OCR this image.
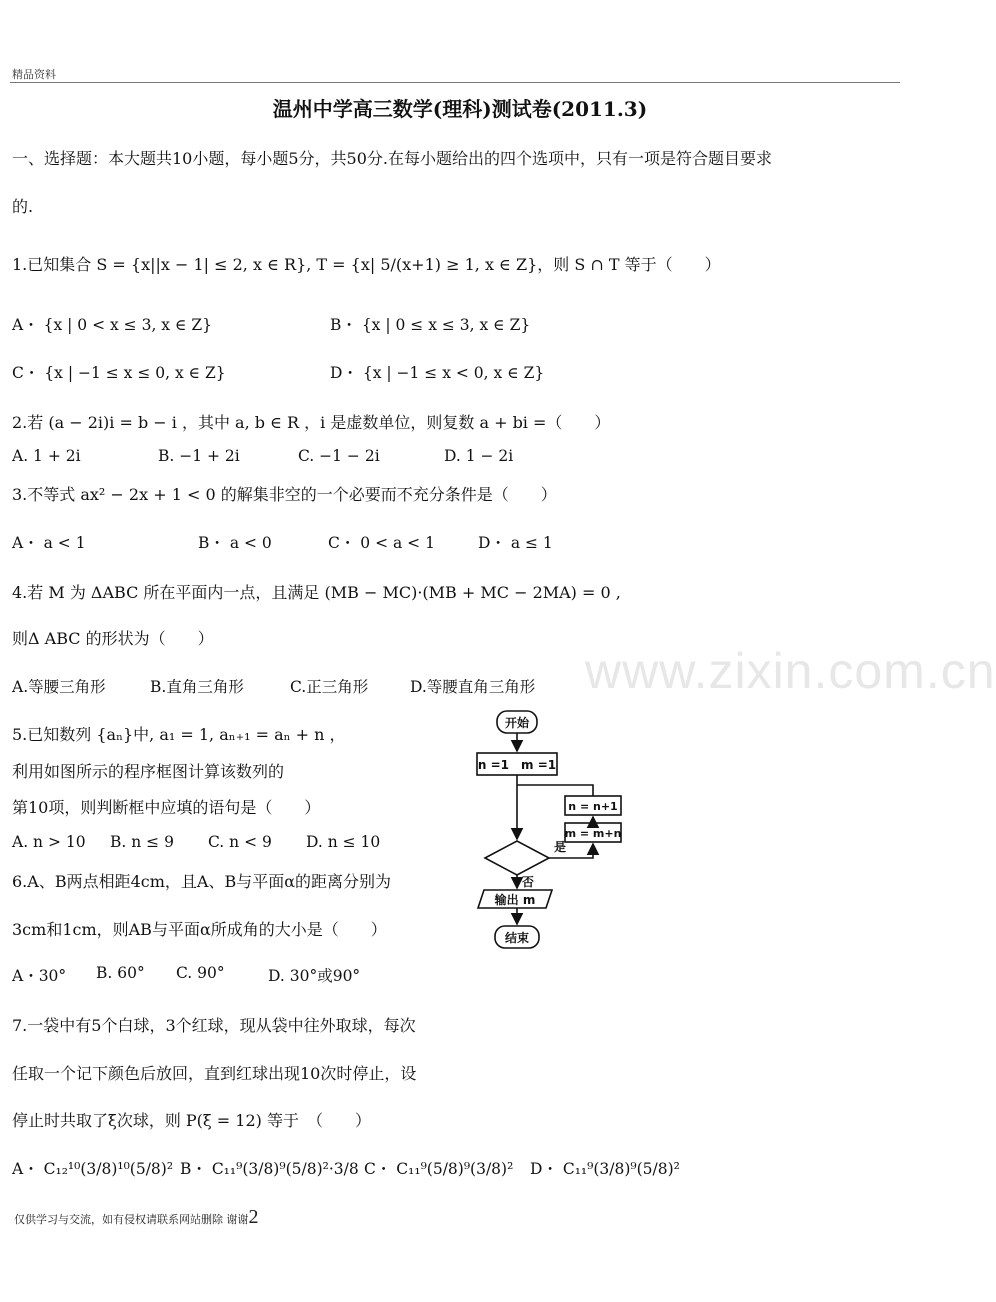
精品资料
www.zixin.com.cn
温州中学高三数学(理科)测试卷(2011.3)
一、选择题：本大题共10小题，每小题5分，共50分.在每小题给出的四个选项中，只有一项是符合题目要求
的.
1.已知集合 S = {x||x − 1| ≤ 2, x ∈ R}, T = {x| 5/(x+1) ≥ 1, x ∈ Z}，则 S ∩ T 等于（　　）
A・ {x | 0 < x ≤ 3, x ∈ Z}	B・ {x | 0 ≤ x ≤ 3, x ∈ Z}
C・ {x | −1 ≤ x ≤ 0, x ∈ Z}	D・ {x | −1 ≤ x < 0, x ∈ Z}
2.若 (a − 2i)i = b − i ，其中 a, b ∈ R ，i 是虚数单位，则复数 a + bi =（　　）
A. 1 + 2i	B. −1 + 2i	C. −1 − 2i	D. 1 − 2i
3.不等式 ax² − 2x + 1 < 0 的解集非空的一个必要而不充分条件是（　　）
A・ a < 1	B・ a < 0	C・ 0 < a < 1	D・ a ≤ 1
4.若 M 为 ΔABC 所在平面内一点，且满足 (MB − MC)·(MB + MC − 2MA) = 0 ,
则Δ ABC 的形状为（　　）
A.等腰三角形	B.直角三角形	C.正三角形	D.等腰直角三角形
5.已知数列 {aₙ}中, a₁ = 1, aₙ₊₁ = aₙ + n ，
利用如图所示的程序框图计算该数列的
第10项，则判断框中应填的语句是（　　）
A. n > 10 B. n ≤ 9 C. n < 9 D. n ≤ 10
开始
n =1　m =1
n = n+1
m = m+n
是
否
输出 m
结束
6.A、B两点相距4cm，且A、B与平面α的距离分别为
3cm和1cm，则AB与平面α所成角的大小是（　　）
A・30° B. 60° C. 90°	D. 30°或90°
7.一袋中有5个白球，3个红球，现从袋中往外取球，每次
任取一个记下颜色后放回，直到红球出现10次时停止，设
停止时共取了ξ次球，则 P(ξ = 12) 等于　（　　）
A・ C₁₂¹⁰(3/8)¹⁰(5/8)² B・ C₁₁⁹(3/8)⁹(5/8)²·3/8 C・ C₁₁⁹(5/8)⁹(3/8)² D・ C₁₁⁹(3/8)⁹(5/8)²
仅供学习与交流，如有侵权请联系网站删除 谢谢2
